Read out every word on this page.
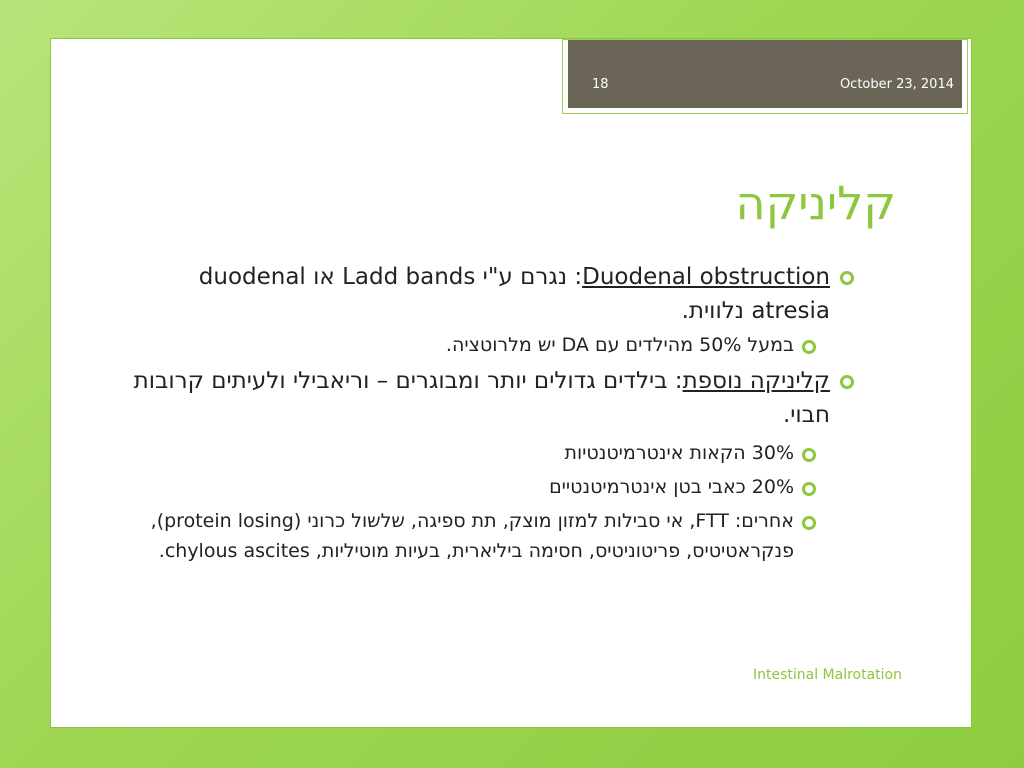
18	October 23, 2014
קליניקה
Duodenal obstruction: נגרם ע"י Ladd bands או duodenal atresia נלווית.
במעל 50% מהילדים עם DA יש מלרוטציה.
קליניקה נוספת: בילדים גדולים יותר ומבוגרים – וריאבילי ולעיתים קרובות חבוי.
30% הקאות אינטרמיטנטיות
20% כאבי בטן אינטרמיטנטיים
אחרים: FTT, אי סבילות למזון מוצק, תת ספיגה, שלשול כרוני (protein losing), פנקראטיטיס, פריטוניטיס, חסימה ביליארית, בעיות מוטיליות, chylous ascites.
Intestinal Malrotation
